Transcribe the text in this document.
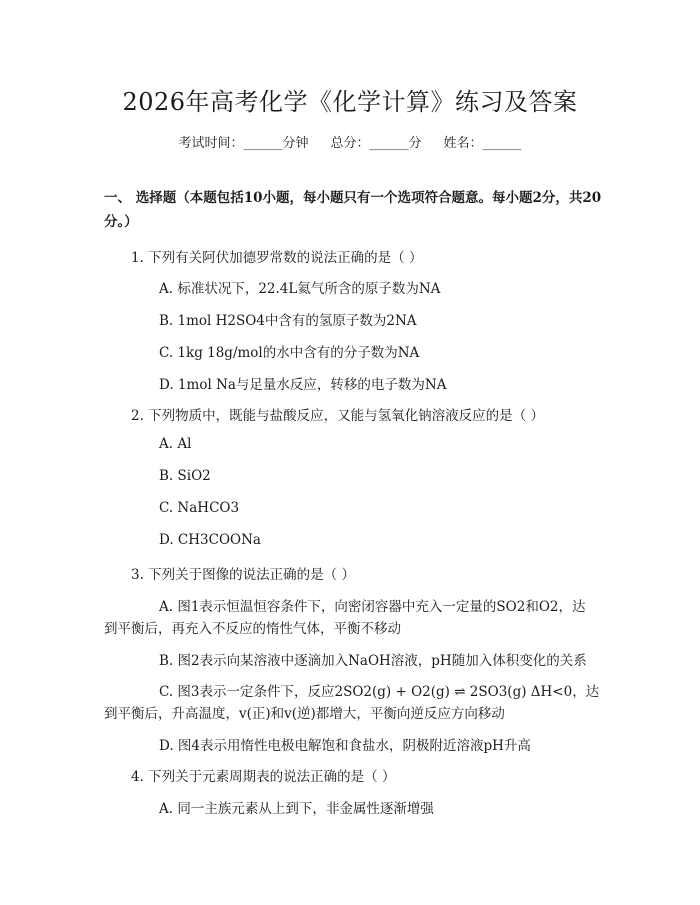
2026年高考化学《化学计算》练习及答案
考试时间：______分钟 总分：______分 姓名：______
一、 选择题（本题包括10小题，每小题只有一个选项符合题意。每小题2分，共20分。）
1. 下列有关阿伏加德罗常数的说法正确的是（ ）
A. 标准状况下，22.4L氦气所含的原子数为NA
B. 1mol H2SO4中含有的氢原子数为2NA
C. 1kg 18g/mol的水中含有的分子数为NA
D. 1mol Na与足量水反应，转移的电子数为NA
2. 下列物质中，既能与盐酸反应，又能与氢氧化钠溶液反应的是（ ）
A. Al
B. SiO2
C. NaHCO3
D. CH3COONa
3. 下列关于图像的说法正确的是（ ）
A. 图1表示恒温恒容条件下，向密闭容器中充入一定量的SO2和O2，达
到平衡后，再充入不反应的惰性气体，平衡不移动
B. 图2表示向某溶液中逐滴加入NaOH溶液，pH随加入体积变化的关系
C. 图3表示一定条件下，反应2SO2(g) + O2(g) ⇌ 2SO3(g) ΔH<0，达
到平衡后，升高温度，v(正)和v(逆)都增大，平衡向逆反应方向移动
D. 图4表示用惰性电极电解饱和食盐水，阴极附近溶液pH升高
4. 下列关于元素周期表的说法正确的是（ ）
A. 同一主族元素从上到下，非金属性逐渐增强
